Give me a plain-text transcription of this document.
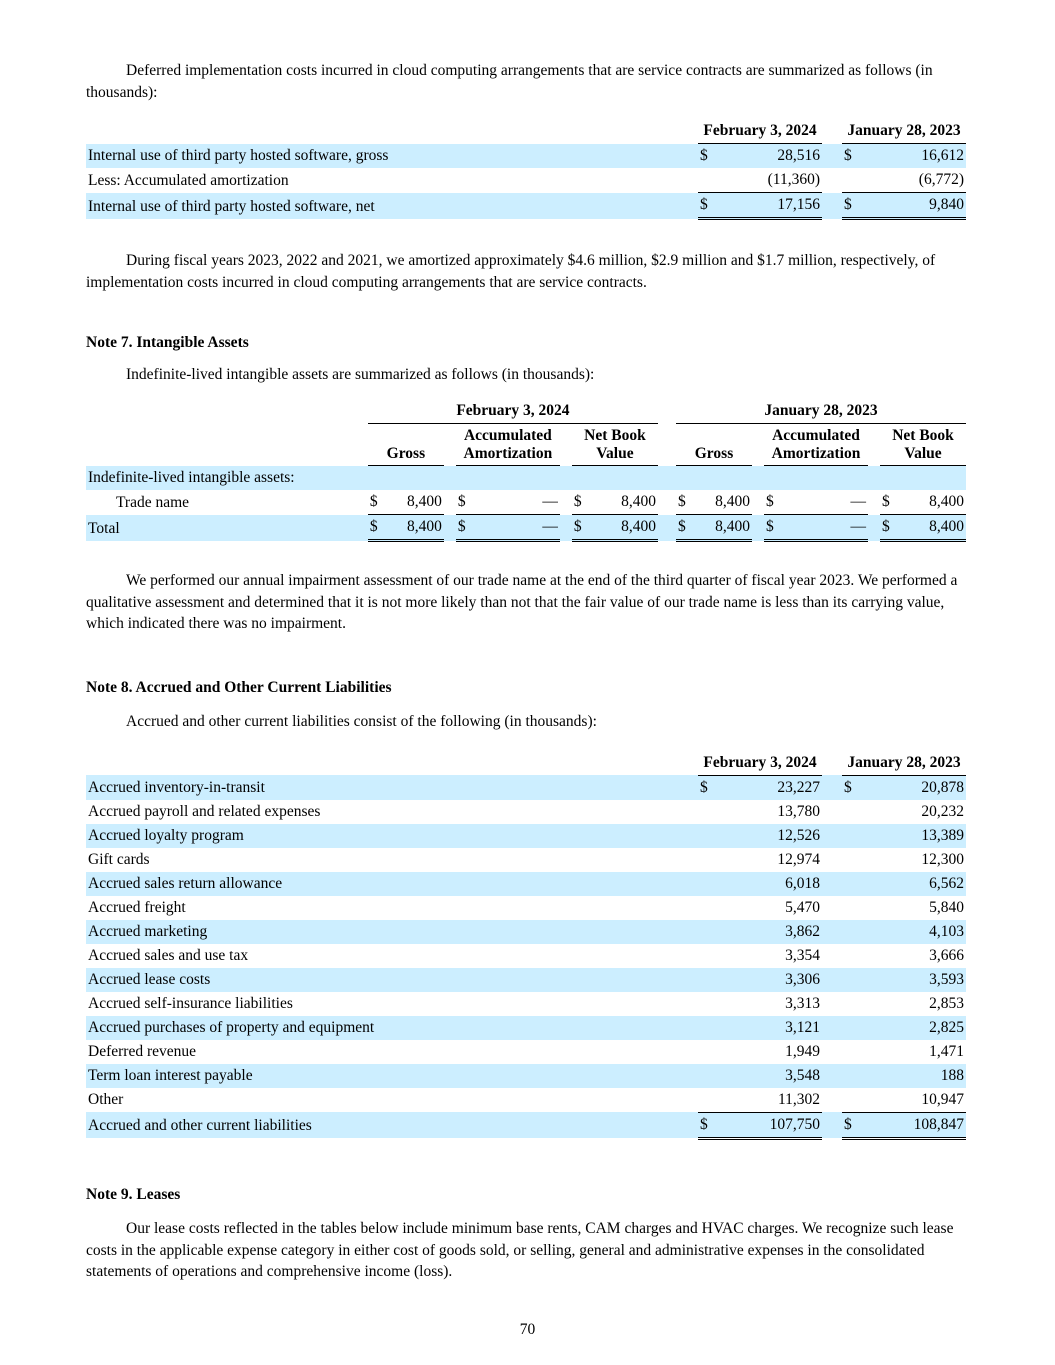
Deferred implementation costs incurred in cloud computing arrangements that are service contracts are summarized as follows (in thousands):

	February 3, 2024			January 28, 2023	
Internal use of third party hosted software, gross	$	28,516		$	16,612
Less: Accumulated amortization		(11,360)			(6,772)
Internal use of third party hosted software, net	$	17,156		$	9,840

During fiscal years 2023, 2022 and 2021, we amortized approximately $4.6 million, $2.9 million and $1.7 million, respectively, of implementation costs incurred in cloud computing arrangements that are service contracts.

Note 7. Intangible Assets

Indefinite-lived intangible assets are summarized as follows (in thousands):

	February 3, 2024									January 28, 2023							
	Gross			Accumulated Amortization			Net Book Value			Gross			Accumulated Amortization			Net Book Value	
Indefinite-lived intangible assets:																	
Trade name	$	8,400		$	—		$	8,400		$	8,400		$	—		$	8,400
Total	$	8,400		$	—		$	8,400		$	8,400		$	—		$	8,400

We performed our annual impairment assessment of our trade name at the end of the third quarter of fiscal year 2023. We performed a qualitative assessment and determined that it is not more likely than not that the fair value of our trade name is less than its carrying value, which indicated there was no impairment.

Note 8. Accrued and Other Current Liabilities

Accrued and other current liabilities consist of the following (in thousands):

	February 3, 2024			January 28, 2023	
Accrued inventory-in-transit	$	23,227		$	20,878
Accrued payroll and related expenses		13,780			20,232
Accrued loyalty program		12,526			13,389
Gift cards		12,974			12,300
Accrued sales return allowance		6,018			6,562
Accrued freight		5,470			5,840
Accrued marketing		3,862			4,103
Accrued sales and use tax		3,354			3,666
Accrued lease costs		3,306			3,593
Accrued self-insurance liabilities		3,313			2,853
Accrued purchases of property and equipment		3,121			2,825
Deferred revenue		1,949			1,471
Term loan interest payable		3,548			188
Other		11,302			10,947
Accrued and other current liabilities	$	107,750		$	108,847
Note 9. Leases

Our lease costs reflected in the tables below include minimum base rents, CAM charges and HVAC charges. We recognize such lease costs in the applicable expense category in either cost of goods sold, or selling, general and administrative expenses in the consolidated statements of operations and comprehensive income (loss).

70
